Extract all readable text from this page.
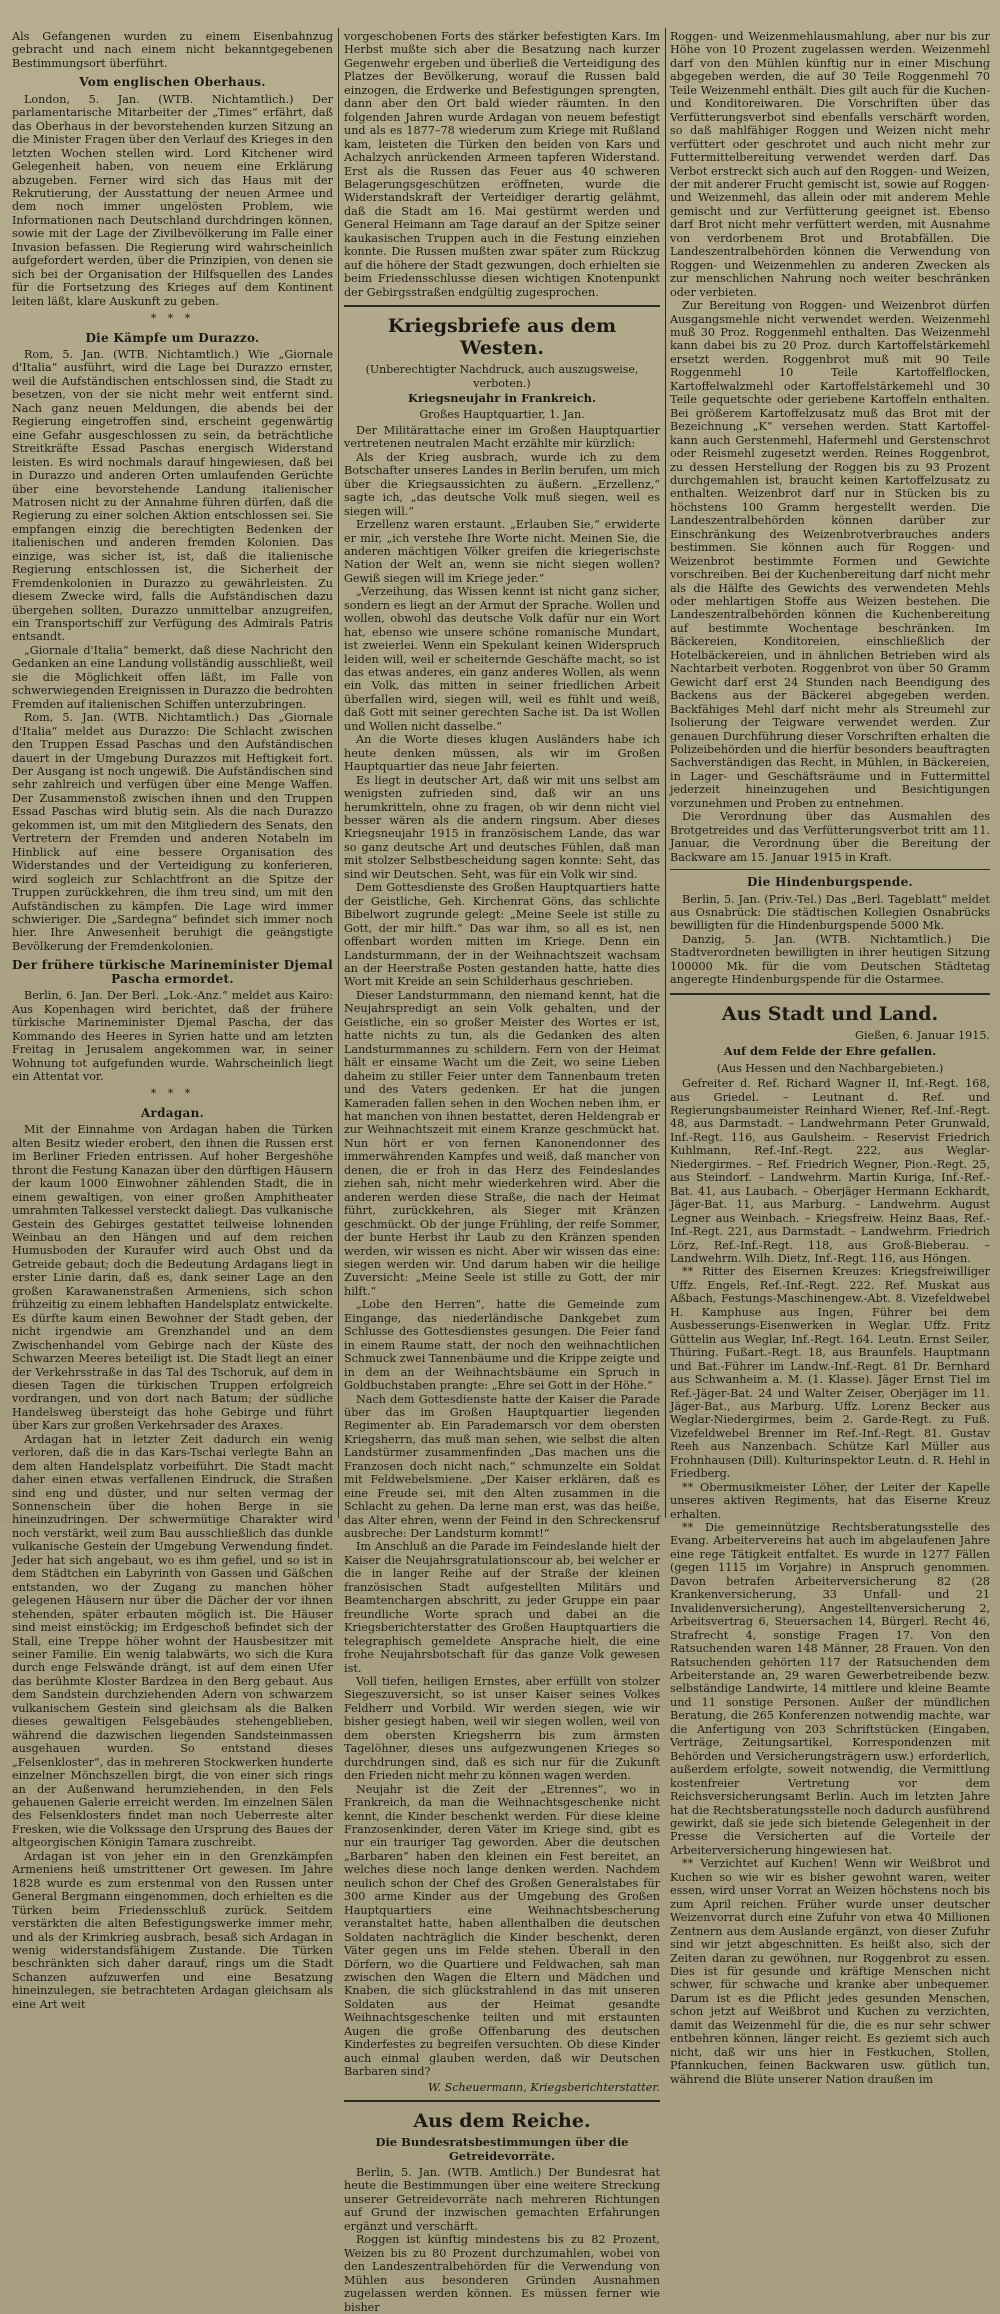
Als Gefangenen wurden zu einem Eisenbahnzug gebracht und nach einem nicht bekanntgegebenen Bestimmungsort überführt.

Vom englischen Oberhaus.

London, 5. Jan. (WTB. Nichtamtlich.) Der parlamentarische Mitarbeiter der „Times“ erfährt, daß das Oberhaus in der bevorstehenden kurzen Sitzung an die Minister Fragen über den Verlauf des Krieges in den letzten Wochen stellen wird. Lord Kitchener wird Gelegenheit haben, von neuem eine Erklärung abzugeben. Ferner wird sich das Haus mit der Rekrutierung, der Ausstattung der neuen Armee und dem noch immer ungelösten Problem, wie Informationen nach Deutschland durchdringen können, sowie mit der Lage der Zivilbevölkerung im Falle einer Invasion befassen. Die Regierung wird wahrscheinlich aufgefordert werden, über die Prinzipien, von denen sie sich bei der Organisation der Hilfsquellen des Landes für die Fortsetzung des Krieges auf dem Kontinent leiten läßt, klare Auskunft zu geben.

* * *
Die Kämpfe um Durazzo.

Rom, 5. Jan. (WTB. Nichtamtlich.) Wie „Giornale d'Italia“ ausführt, wird die Lage bei Durazzo ernster, weil die Aufständischen entschlossen sind, die Stadt zu besetzen, von der sie nicht mehr weit entfernt sind. Nach ganz neuen Meldungen, die abends bei der Regierung eingetroffen sind, erscheint gegenwärtig eine Gefahr ausgeschlossen zu sein, da beträchtliche Streitkräfte Essad Paschas energisch Widerstand leisten. Es wird nochmals darauf hingewiesen, daß bei in Durazzo und anderen Orten umlaufenden Gerüchte über eine bevorstehende Landung italienischer Matrosen nicht zu der Annahme führen dürfen, daß die Regierung zu einer solchen Aktion entschlossen sei. Sie empfangen einzig die berechtigten Bedenken der italienischen und anderen fremden Kolonien. Das einzige, was sicher ist, ist, daß die italienische Regierung entschlossen ist, die Sicherheit der Fremdenkolonien in Durazzo zu gewährleisten. Zu diesem Zwecke wird, falls die Aufständischen dazu übergehen sollten, Durazzo unmittelbar anzugreifen, ein Transportschiff zur Verfügung des Admirals Patris entsandt.

„Giornale d'Italia“ bemerkt, daß diese Nachricht den Gedanken an eine Landung vollständig ausschließt, weil sie die Möglichkeit offen läßt, im Falle von schwerwiegenden Ereignissen in Durazzo die bedrohten Fremden auf italienischen Schiffen unterzubringen.

Rom, 5. Jan. (WTB. Nichtamtlich.) Das „Giornale d'Italia“ meldet aus Durazzo: Die Schlacht zwischen den Truppen Essad Paschas und den Aufständischen dauert in der Umgebung Durazzos mit Heftigkeit fort. Der Ausgang ist noch ungewiß. Die Aufständischen sind sehr zahlreich und verfügen über eine Menge Waffen. Der Zusammenstoß zwischen ihnen und den Truppen Essad Paschas wird blutig sein. Als die nach Durazzo gekommen ist, um mit den Mitgliedern des Senats, den Vertretern der Fremden und anderen Notabeln im Hinblick auf eine bessere Organisation des Widerstandes und der Verteidigung zu konferieren, wird sogleich zur Schlachtfront an die Spitze der Truppen zurückkehren, die ihm treu sind, um mit den Aufständischen zu kämpfen. Die Lage wird immer schwieriger. Die „Sardegna“ befindet sich immer noch hier. Ihre Anwesenheit beruhigt die geängstigte Bevölkerung der Fremdenkolonien.

Der frühere türkische Marineminister Djemal Pascha ermordet.

Berlin, 6. Jan. Der Berl. „Lok.-Anz.“ meldet aus Kairo: Aus Kopenhagen wird berichtet, daß der frühere türkische Marineminister Djemal Pascha, der das Kommando des Heeres in Syrien hatte und am letzten Freitag in Jerusalem angekommen war, in seiner Wohnung tot aufgefunden wurde. Wahrscheinlich liegt ein Attentat vor.

* * *
Ardagan.

Mit der Einnahme von Ardagan haben die Türken alten Besitz wieder erobert, den ihnen die Russen erst im Berliner Frieden entrissen. Auf hoher Bergeshöhe thront die Festung Kanazan über den dürftigen Häusern der kaum 1000 Einwohner zählenden Stadt, die in einem gewaltigen, von einer großen Amphitheater umrahmten Talkessel versteckt daliegt. Das vulkanische Gestein des Gebirges gestattet teilweise lohnenden Weinbau an den Hängen und auf dem reichen Humusboden der Kuraufer wird auch Obst und da Getreide gebaut; doch die Bedeutung Ardagans liegt in erster Linie darin, daß es, dank seiner Lage an den großen Karawanenstraßen Armeniens, sich schon frühzeitig zu einem lebhaften Handelsplatz entwickelte. Es dürfte kaum einen Bewohner der Stadt geben, der nicht irgendwie am Grenzhandel und an dem Zwischenhandel vom Gebirge nach der Küste des Schwarzen Meeres beteiligt ist. Die Stadt liegt an einer der Verkehrsstraße in das Tal des Tschoruk, auf dem in diesen Tagen die türkischen Truppen erfolgreich vordrangen, und von dort nach Batum; der südliche Handelsweg übersteigt das hohe Gebirge und führt über Kars zur großen Verkehrsader des Araxes.

Ardagan hat in letzter Zeit dadurch ein wenig verloren, daß die in das Kars-Tschai verlegte Bahn an dem alten Handelsplatz vorbeiführt. Die Stadt macht daher einen etwas verfallenen Eindruck, die Straßen sind eng und düster, und nur selten vermag der Sonnenschein über die hohen Berge in sie hineinzudringen. Der schwermütige Charakter wird noch verstärkt, weil zum Bau ausschließlich das dunkle vulkanische Gestein der Umgebung Verwendung findet. Jeder hat sich angebaut, wo es ihm gefiel, und so ist in dem Städtchen ein Labyrinth von Gassen und Gäßchen entstanden, wo der Zugang zu manchen höher gelegenen Häusern nur über die Dächer der vor ihnen stehenden, später erbauten möglich ist. Die Häuser sind meist einstöckig; im Erdgeschoß befindet sich der Stall, eine Treppe höher wohnt der Hausbesitzer mit seiner Familie. Ein wenig talabwärts, wo sich die Kura durch enge Felswände drängt, ist auf dem einen Ufer das berühmte Kloster Bardzea in den Berg gebaut. Aus dem Sandstein durchziehenden Adern von schwarzem vulkanischem Gestein sind gleichsam als die Balken dieses gewaltigen Felsgebäudes stehengeblieben, während die dazwischen liegenden Sandsteinmassen ausgehauen wurden. So entstand dieses „Felsenkloster“, das in mehreren Stockwerken hunderte einzelner Mönchszellen birgt, die von einer sich rings an der Außenwand herumziehenden, in den Fels gehauenen Galerie erreicht werden. Im einzelnen Sälen des Felsenklosters findet man noch Ueberreste alter Fresken, wie die Volkssage den Ursprung des Baues der altgeorgischen Königin Tamara zuschreibt.

Ardagan ist von jeher ein in den Grenzkämpfen Armeniens heiß umstrittener Ort gewesen. Im Jahre 1828 wurde es zum erstenmal von den Russen unter General Bergmann eingenommen, doch erhielten es die Türken beim Friedensschluß zurück. Seitdem verstärkten die alten Befestigungswerke immer mehr, und als der Krimkrieg ausbrach, besaß sich Ardagan in wenig widerstandsfähigem Zustande. Die Türken beschränkten sich daher darauf, rings um die Stadt Schanzen aufzuwerfen und eine Besatzung hineinzulegen, sie betrachteten Ardagan gleichsam als eine Art weit

vorgeschobenen Forts des stärker befestigten Kars. Im Herbst mußte sich aber die Besatzung nach kurzer Gegenwehr ergeben und überließ die Verteidigung des Platzes der Bevölkerung, worauf die Russen bald einzogen, die Erdwerke und Befestigungen sprengten, dann aber den Ort bald wieder räumten. In den folgenden Jahren wurde Ardagan von neuem befestigt und als es 1877–78 wiederum zum Kriege mit Rußland kam, leisteten die Türken den beiden von Kars und Achalzych anrückenden Armeen tapferen Widerstand. Erst als die Russen das Feuer aus 40 schweren Belagerungsgeschützen eröffneten, wurde die Widerstandskraft der Verteidiger derartig gelähmt, daß die Stadt am 16. Mai gestürmt werden und General Heimann am Tage darauf an der Spitze seiner kaukasischen Truppen auch in die Festung einziehen konnte. Die Russen mußten zwar später zum Rückzug auf die höhere der Stadt gezwungen, doch erhielten sie beim Friedensschlusse diesen wichtigen Knotenpunkt der Gebirgsstraßen endgültig zugesprochen.

Kriegsbriefe aus dem Westen.
(Unberechtigter Nachdruck, auch auszugsweise, verboten.)
Kriegsneujahr in Frankreich.
Großes Hauptquartier, 1. Jan.

Der Militärattache einer im Großen Hauptquartier vertretenen neutralen Macht erzählte mir kürzlich:

Als der Krieg ausbrach, wurde ich zu dem Botschafter unseres Landes in Berlin berufen, um mich über die Kriegsaussichten zu äußern. „Erzellenz,“ sagte ich, „das deutsche Volk muß siegen, weil es siegen will.“

Erzellenz waren erstaunt. „Erlauben Sie,“ erwiderte er mir, „ich verstehe Ihre Worte nicht. Meinen Sie, die anderen mächtigen Völker greifen die kriegerischste Nation der Welt an, wenn sie nicht siegen wollen? Gewiß siegen will im Kriege jeder.“

„Verzeihung, das Wissen kennt ist nicht ganz sicher, sondern es liegt an der Armut der Sprache. Wollen und wollen, obwohl das deutsche Volk dafür nur ein Wort hat, ebenso wie unsere schöne romanische Mundart, ist zweierlei. Wenn ein Spekulant keinen Widerspruch leiden will, weil er scheiternde Geschäfte macht, so ist das etwas anderes, ein ganz anderes Wollen, als wenn ein Volk, das mitten in seiner friedlichen Arbeit überfallen wird, siegen will, weil es fühlt und weiß, daß Gott mit seiner gerechten Sache ist. Da ist Wollen und Wollen nicht dasselbe.“

An die Worte dieses klugen Ausländers habe ich heute denken müssen, als wir im Großen Hauptquartier das neue Jahr feierten.

Es liegt in deutscher Art, daß wir mit uns selbst am wenigsten zufrieden sind, daß wir an uns herumkritteln, ohne zu fragen, ob wir denn nicht viel besser wären als die andern ringsum. Aber dieses Kriegsneujahr 1915 in französischem Lande, das war so ganz deutsche Art und deutsches Fühlen, daß man mit stolzer Selbstbescheidung sagen konnte: Seht, das sind wir Deutschen. Seht, was für ein Volk wir sind.

Dem Gottesdienste des Großen Hauptquartiers hatte der Geistliche, Geh. Kirchenrat Göns, das schlichte Bibelwort zugrunde gelegt: „Meine Seele ist stille zu Gott, der mir hilft.“ Das war ihm, so all es ist, nen offenbart worden mitten im Kriege. Denn ein Landsturmmann, der in der Weihnachtszeit wachsam an der Heerstraße Posten gestanden hatte, hatte dies Wort mit Kreide an sein Schilderhaus geschrieben.

Dieser Landsturmmann, den niemand kennt, hat die Neujahrspredigt an sein Volk gehalten, und der Geistliche, ein so großer Meister des Wortes er ist, hatte nichts zu tun, als die Gedanken des alten Landsturmmannes zu schildern. Fern von der Heimat hält er einsame Wacht um die Zeit, wo seine Lieben daheim zu stiller Feier unter dem Tannenbaum treten und des Vaters gedenken. Er hat die jungen Kameraden fallen sehen in den Wochen neben ihm, er hat manchen von ihnen bestattet, deren Heldengrab er zur Weihnachtszeit mit einem Kranze geschmückt hat. Nun hört er von fernen Kanonendonner des immerwährenden Kampfes und weiß, daß mancher von denen, die er froh in das Herz des Feindeslandes ziehen sah, nicht mehr wiederkehren wird. Aber die anderen werden diese Straße, die nach der Heimat führt, zurückkehren, als Sieger mit Kränzen geschmückt. Ob der junge Frühling, der reife Sommer, der bunte Herbst ihr Laub zu den Kränzen spenden werden, wir wissen es nicht. Aber wir wissen das eine: siegen werden wir. Und darum haben wir die heilige Zuversicht: „Meine Seele ist stille zu Gott, der mir hilft.“

„Lobe den Herren“, hatte die Gemeinde zum Eingange, das niederländische Dankgebet zum Schlusse des Gottesdienstes gesungen. Die Feier fand in einem Raume statt, der noch den weihnachtlichen Schmuck zwei Tannenbäume und die Krippe zeigte und in dem an der Weihnachtsbäume ein Spruch in Goldbuchstaben prangte: „Ehre sei Gott in der Höhe.“

Nach dem Gottesdienste hatte der Kaiser die Parade über das im Großen Hauptquartier liegenden Regimenter ab. Ein Parademarsch vor dem obersten Kriegsherrn, das muß man sehen, wie selbst die alten Landstürmer zusammenfinden „Das machen uns die Franzosen doch nicht nach,“ schmunzelte ein Soldat mit Feldwebelsmiene. „Der Kaiser erklären, daß es eine Freude sei, mit den Alten zusammen in die Schlacht zu gehen. Da lerne man erst, was das heiße, das Alter ehren, wenn der Feind in den Schreckensruf ausbreche: Der Landsturm kommt!“

Im Anschluß an die Parade im Feindeslande hielt der Kaiser die Neujahrsgratulationscour ab, bei welcher er die in langer Reihe auf der Straße der kleinen französischen Stadt aufgestellten Militärs und Beamtenchargen abschritt, zu jeder Gruppe ein paar freundliche Worte sprach und dabei an die Kriegsberichterstatter des Großen Hauptquartiers die telegraphisch gemeldete Ansprache hielt, die eine frohe Neujahrsbotschaft für das ganze Volk gewesen ist.

Voll tiefen, heiligen Ernstes, aber erfüllt von stolzer Siegeszuversicht, so ist unser Kaiser seines Volkes Feldherr und Vorbild. Wir werden siegen, wie wir bisher gesiegt haben, weil wir siegen wollen, weil von dem obersten Kriegsherrn bis zum ärmsten Tagelöhner, dieses uns aufgezwungenen Krieges so durchdrungen sind, daß es sich nur für die Zukunft den Frieden nicht mehr zu können wagen werden.

Neujahr ist die Zeit der „Etrennes“, wo in Frankreich, da man die Weihnachtsgeschenke nicht kennt, die Kinder beschenkt werden. Für diese kleine Franzosenkinder, deren Väter im Kriege sind, gibt es nur ein trauriger Tag geworden. Aber die deutschen „Barbaren“ haben den kleinen ein Fest bereitet, an welches diese noch lange denken werden. Nachdem neulich schon der Chef des Großen Generalstabes für 300 arme Kinder aus der Umgebung des Großen Hauptquartiers eine Weihnachtsbescherung veranstaltet hatte, haben allenthalben die deutschen Soldaten nachträglich die Kinder beschenkt, deren Väter gegen uns im Felde stehen. Überall in den Dörfern, wo die Quartiere und Feldwachen, sah man zwischen den Wagen die Eltern und Mädchen und Knaben, die sich glückstrahlend in das mit unseren Soldaten aus der Heimat gesandte Weihnachtsgeschenke teilten und mit erstaunten Augen die große Offenbarung des deutschen Kinderfestes zu begreifen versuchten. Ob diese Kinder auch einmal glauben werden, daß wir Deutschen Barbaren sind?

W. Scheuermann, Kriegsberichterstatter.
Aus dem Reiche.
Die Bundesratsbestimmungen über die Getreidevorräte.

Berlin, 5. Jan. (WTB. Amtlich.) Der Bundesrat hat heute die Bestimmungen über eine weitere Streckung unserer Getreidevorräte nach mehreren Richtungen auf Grund der inzwischen gemachten Erfahrungen ergänzt und verschärft.

Roggen ist künftig mindestens bis zu 82 Prozent, Weizen bis zu 80 Prozent durchzumahlen, wobei von den Landeszentralbehörden für die Verwendung von Mühlen aus besonderen Gründen Ausnahmen zugelassen werden können. Es müssen ferner wie bisher

Roggen- und Weizenmehlausmahlung, aber nur bis zur Höhe von 10 Prozent zugelassen werden. Weizenmehl darf von den Mühlen künftig nur in einer Mischung abgegeben werden, die auf 30 Teile Roggenmehl 70 Teile Weizenmehl enthält. Dies gilt auch für die Kuchen- und Konditoreiwaren. Die Vorschriften über das Verfütterungsverbot sind ebenfalls verschärft worden, so daß mahlfähiger Roggen und Weizen nicht mehr verfüttert oder geschrotet und auch nicht mehr zur Futtermittelbereitung verwendet werden darf. Das Verbot erstreckt sich auch auf den Roggen- und Weizen, der mit anderer Frucht gemischt ist, sowie auf Roggen- und Weizenmehl, das allein oder mit anderem Mehle gemischt und zur Verfütterung geeignet ist. Ebenso darf Brot nicht mehr verfüttert werden, mit Ausnahme von verdorbenem Brot und Brotabfällen. Die Landeszentralbehörden können die Verwendung von Roggen- und Weizenmehlen zu anderen Zwecken als zur menschlichen Nahrung noch weiter beschränken oder verbieten.

Zur Bereitung von Roggen- und Weizenbrot dürfen Ausgangsmehle nicht verwendet werden. Weizenmehl muß 30 Proz. Roggenmehl enthalten. Das Weizenmehl kann dabei bis zu 20 Proz. durch Kartoffelstärkemehl ersetzt werden. Roggenbrot muß mit 90 Teile Roggenmehl 10 Teile Kartoffelflocken, Kartoffelwalzmehl oder Kartoffelstärkemehl und 30 Teile gequetschte oder geriebene Kartoffeln enthalten. Bei größerem Kartoffelzusatz muß das Brot mit der Bezeichnung „K“ versehen werden. Statt Kartoffel- kann auch Gerstenmehl, Hafermehl und Gerstenschrot oder Reismehl zugesetzt werden. Reines Roggenbrot, zu dessen Herstellung der Roggen bis zu 93 Prozent durchgemahlen ist, braucht keinen Kartoffelzusatz zu enthalten. Weizenbrot darf nur in Stücken bis zu höchstens 100 Gramm hergestellt werden. Die Landeszentralbehörden können darüber zur Einschränkung des Weizenbrotverbrauches anders bestimmen. Sie können auch für Roggen- und Weizenbrot bestimmte Formen und Gewichte vorschreiben. Bei der Kuchenbereitung darf nicht mehr als die Hälfte des Gewichts des verwendeten Mehls oder mehlartigen Stoffe aus Weizen bestehen. Die Landeszentralbehörden können die Kuchenbereitung auf bestimmte Wochentage beschränken. Im Bäckereien, Konditoreien, einschließlich der Hotelbäckereien, und in ähnlichen Betrieben wird als Nachtarbeit verboten. Roggenbrot von über 50 Gramm Gewicht darf erst 24 Stunden nach Beendigung des Backens aus der Bäckerei abgegeben werden. Backfähiges Mehl darf nicht mehr als Streumehl zur Isolierung der Teigware verwendet werden. Zur genauen Durchführung dieser Vorschriften erhalten die Polizeibehörden und die hierfür besonders beauftragten Sachverständigen das Recht, in Mühlen, in Bäckereien, in Lager- und Geschäftsräume und in Futtermittel jederzeit hineinzugehen und Besichtigungen vorzunehmen und Proben zu entnehmen.

Die Verordnung über das Ausmahlen des Brotgetreides und das Verfütterungsverbot tritt am 11. Januar, die Verordnung über die Bereitung der Backware am 15. Januar 1915 in Kraft.

Die Hindenburgspende.

Berlin, 5. Jan. (Priv.-Tel.) Das „Berl. Tageblatt“ meldet aus Osnabrück: Die städtischen Kollegien Osnabrücks bewilligten für die Hindenburgspende 5000 Mk.

Danzig, 5. Jan. (WTB. Nichtamtlich.) Die Stadtverordneten bewilligten in ihrer heutigen Sitzung 100000 Mk. für die vom Deutschen Städtetag angeregte Hindenburgspende für die Ostarmee.

Aus Stadt und Land.
Gießen, 6. Januar 1915.
Auf dem Felde der Ehre gefallen.
(Aus Hessen und den Nachbargebieten.)

Gefreiter d. Ref. Richard Wagner II, Inf.-Regt. 168, aus Griedel. – Leutnant d. Ref. und Regierungsbaumeister Reinhard Wiener, Ref.-Inf.-Regt. 48, aus Darmstadt. – Landwehrmann Peter Grunwald, Inf.-Regt. 116, aus Gaulsheim. – Reservist Friedrich Kuhlmann, Ref.-Inf.-Regt. 222, aus Weglar-Niedergirmes. – Ref. Friedrich Wegner, Pion.-Regt. 25, aus Steindorf. – Landwehrm. Martin Kuriga, Inf.-Ref.-Bat. 41, aus Laubach. – Oberjäger Hermann Eckhardt, Jäger-Bat. 11, aus Marburg. – Landwehrm. August Legner aus Weinbach. – Kriegsfreiw. Heinz Baas, Ref.-Inf.-Regt. 221, aus Darmstadt. – Landwehrm. Friedrich Lörz, Ref.-Inf.-Regt. 118, aus Groß-Bieberau. – Landwehrm. Wilh. Dietz, Inf.-Regt. 116, aus Höngen.

** Ritter des Eisernen Kreuzes: Kriegsfreiwilliger Uffz. Engels, Ref.-Inf.-Regt. 222. Ref. Muskat aus Aßbach, Festungs-Maschinengew.-Abt. 8. Vizefeldwebel H. Kamphuse aus Ingen, Führer bei dem Ausbesserungs-Eisenwerken in Weglar. Uffz. Fritz Güttelin aus Weglar, Inf.-Regt. 164. Leutn. Ernst Seiler, Thüring. Fußart.-Regt. 18, aus Braunfels. Hauptmann und Bat.-Führer im Landw.-Inf.-Regt. 81 Dr. Bernhard aus Schwanheim a. M. (1. Klasse). Jäger Ernst Tiel im Ref.-Jäger-Bat. 24 und Walter Zeiser, Oberjäger im 11. Jäger-Bat., aus Marburg. Uffz. Lorenz Becker aus Weglar-Niedergirmes, beim 2. Garde-Regt. zu Fuß. Vizefeldwebel Brenner im Ref.-Inf.-Regt. 81. Gustav Reeh aus Nanzenbach. Schütze Karl Müller aus Frohnhausen (Dill). Kulturinspektor Leutn. d. R. Hehl in Friedberg.

** Obermusikmeister Löher, der Leiter der Kapelle unseres aktiven Regiments, hat das Eiserne Kreuz erhalten.

** Die gemeinnützige Rechtsberatungsstelle des Evang. Arbeitervereins hat auch im abgelaufenen Jahre eine rege Tätigkeit entfaltet. Es wurde in 1277 Fällen (gegen 1115 im Vorjahre) in Anspruch genommen. Davon betrafen Arbeiterversicherung 82 (28 Krankenversicherung, 33 Unfall- und 21 Invalidenversicherung), Angestelltenversicherung 2, Arbeitsvertrag 6, Steuersachen 14, Bürgerl. Recht 46, Strafrecht 4, sonstige Fragen 17. Von den Ratsuchenden waren 148 Männer, 28 Frauen. Von den Ratsuchenden gehörten 117 der Ratsuchenden dem Arbeiterstande an, 29 waren Gewerbetreibende bezw. selbständige Landwirte, 14 mittlere und kleine Beamte und 11 sonstige Personen. Außer der mündlichen Beratung, die 265 Konferenzen notwendig machte, war die Anfertigung von 203 Schriftstücken (Eingaben, Verträge, Zeitungsartikel, Korrespondenzen mit Behörden und Versicherungsträgern usw.) erforderlich, außerdem erfolgte, soweit notwendig, die Vermittlung kostenfreier Vertretung vor dem Reichsversicherungsamt Berlin. Auch im letzten Jahre hat die Rechtsberatungsstelle noch dadurch ausführend gewirkt, daß sie jede sich bietende Gelegenheit in der Presse die Versicherten auf die Vorteile der Arbeiterversicherung hingewiesen hat.

** Verzichtet auf Kuchen! Wenn wir Weißbrot und Kuchen so wie wir es bisher gewohnt waren, weiter essen, wird unser Vorrat an Weizen höchstens noch bis zum April reichen. Früher wurde unser deutscher Weizenvorrat durch eine Zufuhr von etwa 40 Millionen Zentnern aus dem Auslande ergänzt, von dieser Zufuhr sind wir jetzt abgeschnitten. Es heißt also, sich der Zeiten daran zu gewöhnen, nur Roggenbrot zu essen. Dies ist für gesunde und kräftige Menschen nicht schwer, für schwache und kranke aber unbequemer. Darum ist es die Pflicht jedes gesunden Menschen, schon jetzt auf Weißbrot und Kuchen zu verzichten, damit das Weizenmehl für die, die es nur sehr schwer entbehren können, länger reicht. Es geziemt sich auch nicht, daß wir uns hier in Festkuchen, Stollen, Pfannkuchen, feinen Backwaren usw. gütlich tun, während die Blüte unserer Nation draußen im
